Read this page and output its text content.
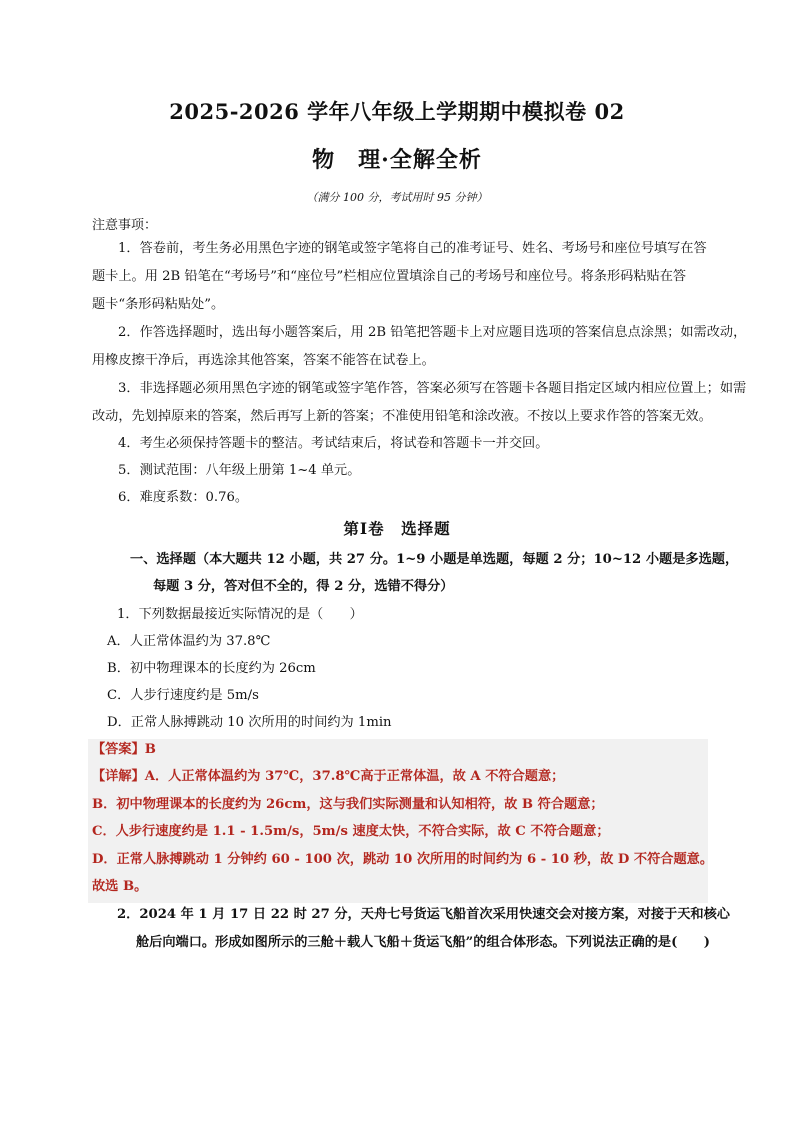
2025-2026 学年八年级上学期期中模拟卷 02
物　理·全解全析
（满分 100 分，考试用时 95 分钟）
注意事项：
1．答卷前，考生务必用黑色字迹的钢笔或签字笔将自己的准考证号、姓名、考场号和座位号填写在答
题卡上。用 2B 铅笔在“考场号”和“座位号”栏相应位置填涂自己的考场号和座位号。将条形码粘贴在答
题卡“条形码粘贴处”。
2．作答选择题时，选出每小题答案后，用 2B 铅笔把答题卡上对应题目选项的答案信息点涂黑；如需改动，
用橡皮擦干净后，再选涂其他答案，答案不能答在试卷上。
3．非选择题必须用黑色字迹的钢笔或签字笔作答，答案必须写在答题卡各题目指定区域内相应位置上；如需
改动，先划掉原来的答案，然后再写上新的答案；不准使用铅笔和涂改液。不按以上要求作答的答案无效。
4．考生必须保持答题卡的整洁。考试结束后，将试卷和答题卡一并交回。
5．测试范围：八年级上册第 1~4 单元。
6．难度系数：0.76。
第Ⅰ卷　选择题
一、选择题（本大题共 12 小题，共 27 分。1~9 小题是单选题，每题 2 分；10~12 小题是多选题，
每题 3 分，答对但不全的，得 2 分，选错不得分）
1．下列数据最接近实际情况的是（　　）
A．人正常体温约为 37.8℃
B．初中物理课本的长度约为 26cm
C．人步行速度约是 5m/s
D．正常人脉搏跳动 10 次所用的时间约为 1min
【答案】B
【详解】A．人正常体温约为 37℃，37.8℃高于正常体温，故 A 不符合题意；
B．初中物理课本的长度约为 26cm，这与我们实际测量和认知相符，故 B 符合题意；
C．人步行速度约是 1.1 - 1.5m/s，5m/s 速度太快，不符合实际，故 C 不符合题意；
D．正常人脉搏跳动 1 分钟约 60 - 100 次，跳动 10 次所用的时间约为 6 - 10 秒，故 D 不符合题意。
故选 B。
2．2024 年 1 月 17 日 22 时 27 分，天舟七号货运飞船首次采用快速交会对接方案，对接于天和核心
舱后向端口。形成如图所示的三舱＋载人飞船＋货运飞船”的组合体形态。下列说法正确的是(　　)
